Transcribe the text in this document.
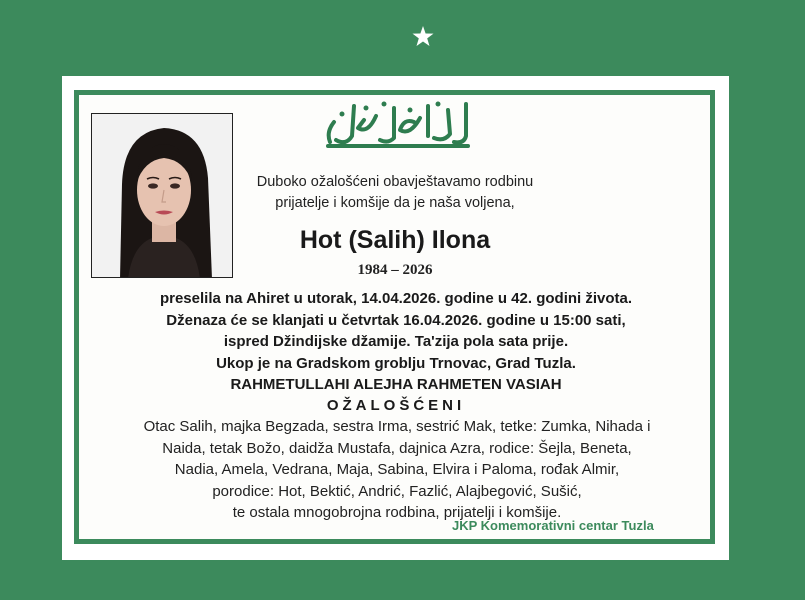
Duboko ožalošćeni obavještavamo rodbinu
prijatelje i komšije da je naša voljena,
Hot (Salih) Ilona
1984 – 2026
preselila na Ahiret u utorak, 14.04.2026. godine u 42. godini života.
Dženaza će se klanjati u četvrtak 16.04.2026. godine u 15:00 sati,
ispred Džindijske džamije. Ta'zija pola sata prije.
Ukop je na Gradskom groblju Trnovac, Grad Tuzla.
RAHMETULLAHI ALEJHA RAHMETEN VASIAH
OŽALOŠĆENI
Otac Salih, majka Begzada, sestra Irma, sestrić Mak, tetke: Zumka, Nihada i
Naida, tetak Božo, daidža Mustafa, dajnica Azra, rodice: Šejla, Beneta,
Nadia, Amela, Vedrana, Maja, Sabina, Elvira i Paloma, rođak Almir,
porodice: Hot, Bektić, Andrić, Fazlić, Alajbegović, Sušić,
te ostala mnogobrojna rodbina, prijatelji i komšije.
JKP Komemorativni centar Tuzla
